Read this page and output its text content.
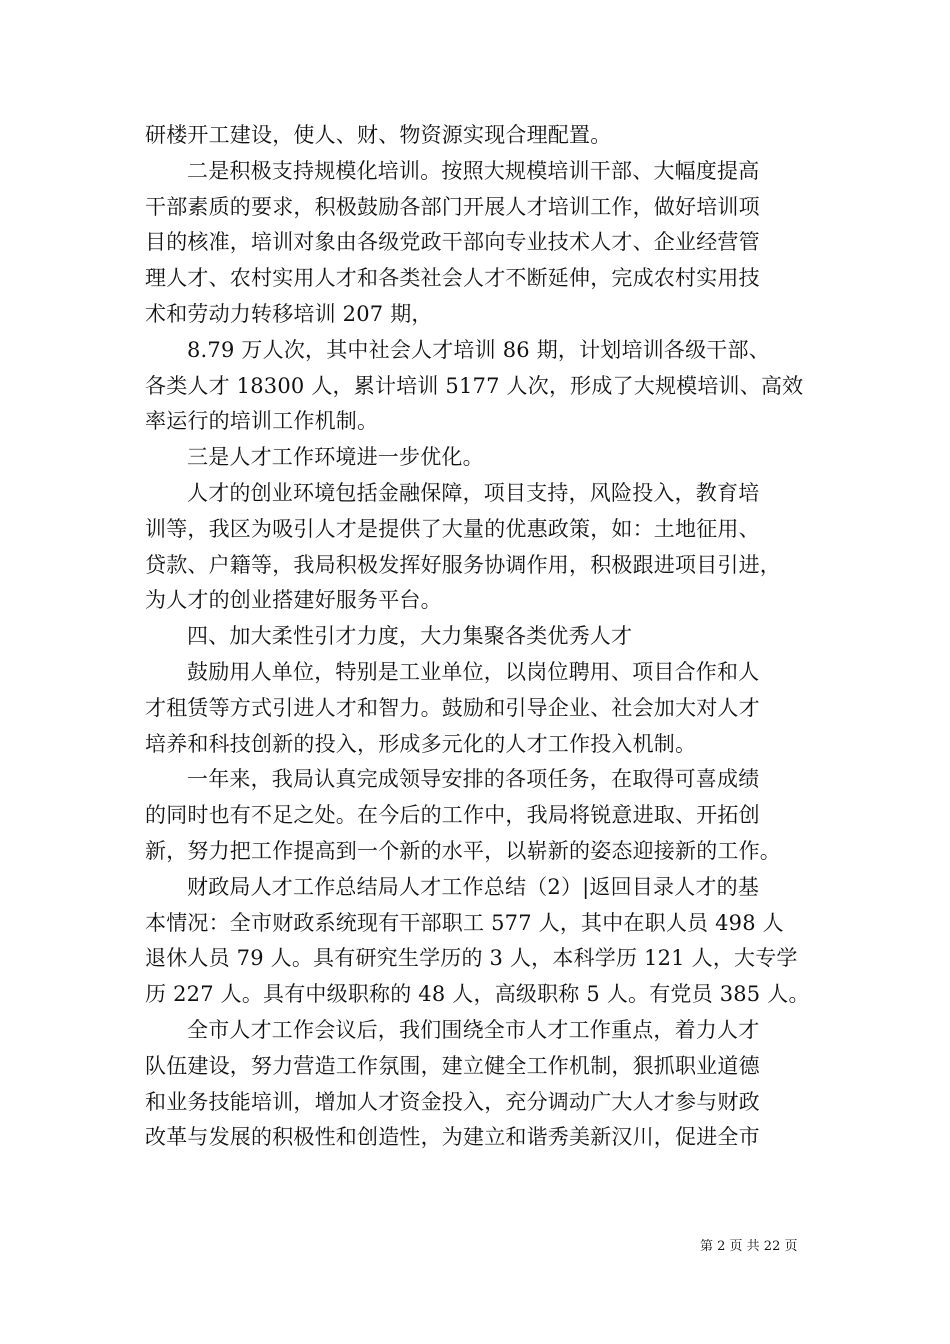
研楼开工建设，使人、财、物资源实现合理配置。
二是积极支持规模化培训。按照大规模培训干部、大幅度提高
干部素质的要求，积极鼓励各部门开展人才培训工作，做好培训项
目的核准，培训对象由各级党政干部向专业技术人才、企业经营管
理人才、农村实用人才和各类社会人才不断延伸，完成农村实用技
术和劳动力转移培训 207 期，
8.79 万人次，其中社会人才培训 86 期，计划培训各级干部、
各类人才 18300 人，累计培训 5177 人次，形成了大规模培训、高效
率运行的培训工作机制。
三是人才工作环境进一步优化。
人才的创业环境包括金融保障，项目支持，风险投入，教育培
训等，我区为吸引人才是提供了大量的优惠政策，如：土地征用、
贷款、户籍等，我局积极发挥好服务协调作用，积极跟进项目引进，
为人才的创业搭建好服务平台。
四、加大柔性引才力度，大力集聚各类优秀人才
鼓励用人单位，特别是工业单位，以岗位聘用、项目合作和人
才租赁等方式引进人才和智力。鼓励和引导企业、社会加大对人才
培养和科技创新的投入，形成多元化的人才工作投入机制。
一年来，我局认真完成领导安排的各项任务，在取得可喜成绩
的同时也有不足之处。在今后的工作中，我局将锐意进取、开拓创
新，努力把工作提高到一个新的水平，以崭新的姿态迎接新的工作。
财政局人才工作总结局人才工作总结（2）|返回目录人才的基
本情况：全市财政系统现有干部职工 577 人，其中在职人员 498 人
退休人员 79 人。具有研究生学历的 3 人，本科学历 121 人，大专学
历 227 人。具有中级职称的 48 人，高级职称 5 人。有党员 385 人。
全市人才工作会议后，我们围绕全市人才工作重点，着力人才
队伍建设，努力营造工作氛围，建立健全工作机制，狠抓职业道德
和业务技能培训，增加人才资金投入，充分调动广大人才参与财政
改革与发展的积极性和创造性，为建立和谐秀美新汉川，促进全市
第 2 页 共 22 页
